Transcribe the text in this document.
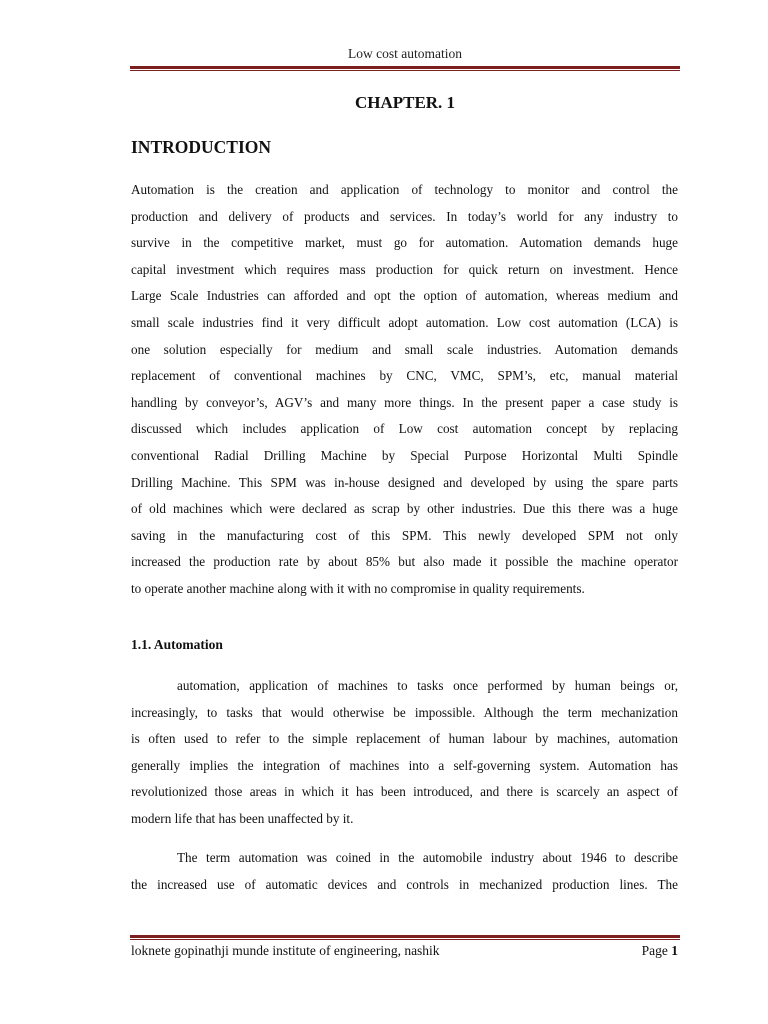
Low cost automation
CHAPTER. 1
INTRODUCTION
Automation is the creation and application of technology to monitor and control the
production and delivery of products and services. In today’s world for any industry to
survive in the competitive market, must go for automation. Automation demands huge
capital investment which requires mass production for quick return on investment. Hence
Large Scale Industries can afforded and opt the option of automation, whereas medium and
small scale industries find it very difficult adopt automation. Low cost automation (LCA) is
one solution especially for medium and small scale industries. Automation demands
replacement of conventional machines by CNC, VMC, SPM’s, etc, manual material
handling by conveyor’s, AGV’s and many more things. In the present paper a case study is
discussed which includes application of Low cost automation concept by replacing
conventional Radial Drilling Machine by Special Purpose Horizontal Multi Spindle
Drilling Machine. This SPM was in-house designed and developed by using the spare parts
of old machines which were declared as scrap by other industries. Due this there was a huge
saving in the manufacturing cost of this SPM. This newly developed SPM not only
increased the production rate by about 85% but also made it possible the machine operator
to operate another machine along with it with no compromise in quality requirements.
1.1. Automation
automation, application of machines to tasks once performed by human beings or,
increasingly, to tasks that would otherwise be impossible. Although the term mechanization
is often used to refer to the simple replacement of human labour by machines, automation
generally implies the integration of machines into a self-governing system. Automation has
revolutionized those areas in which it has been introduced, and there is scarcely an aspect of
modern life that has been unaffected by it.
The term automation was coined in the automobile industry about 1946 to describe
the increased use of automatic devices and controls in mechanized production lines. The
loknete gopinathji munde institute of engineering, nashik	Page 1
